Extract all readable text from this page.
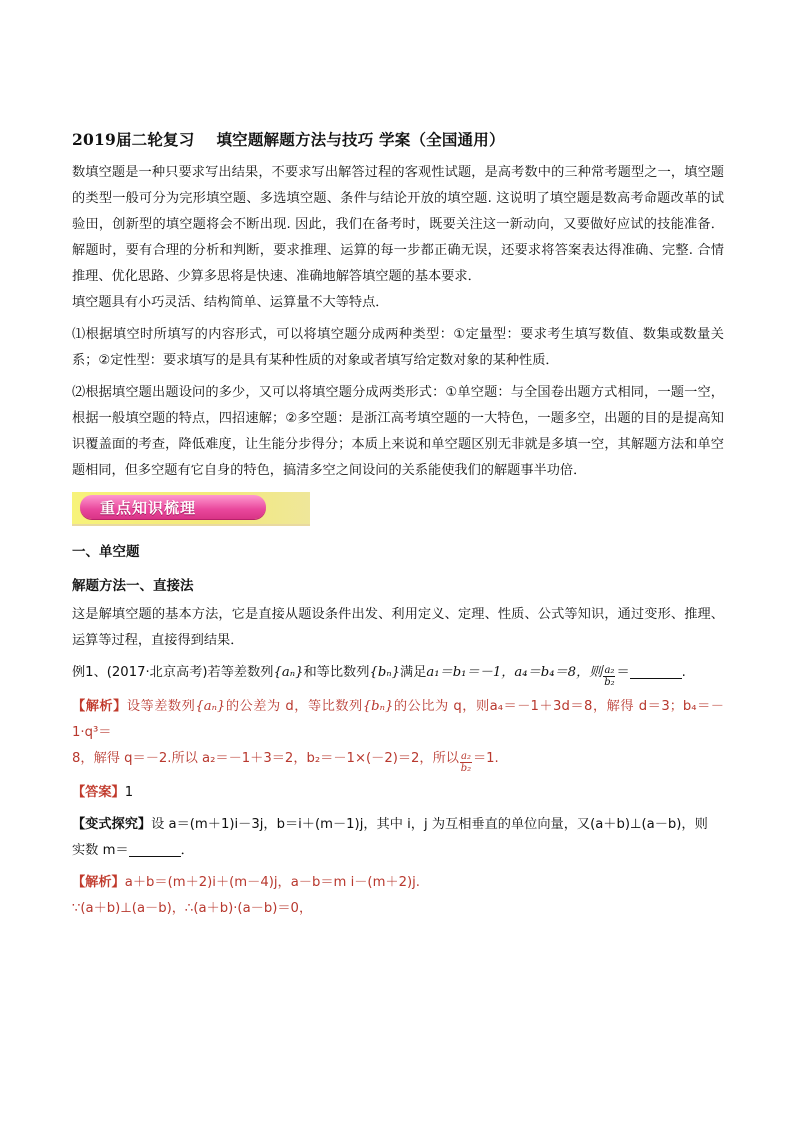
2019届二轮复习 填空题解题方法与技巧 学案（全国通用）

数填空题是一种只要求写出结果，不要求写出解答过程的客观性试题，是高考数中的三种常考题型之一，填空题的类型一般可分为完形填空题、多选填空题、条件与结论开放的填空题. 这说明了填空题是数高考命题改革的试验田，创新型的填空题将会不断出现. 因此，我们在备考时，既要关注这一新动向，又要做好应试的技能准备．解题时，要有合理的分析和判断，要求推理、运算的每一步都正确无误，还要求将答案表达得准确、完整. 合情推理、优化思路、少算多思将是快速、准确地解答填空题的基本要求．

填空题具有小巧灵活、结构简单、运算量不大等特点．

⑴根据填空时所填写的内容形式，可以将填空题分成两种类型：①定量型：要求考生填写数值、数集或数量关系；②定性型：要求填写的是具有某种性质的对象或者填写给定数对象的某种性质．

⑵根据填空题出题设问的多少，又可以将填空题分成两类形式：①单空题：与全国卷出题方式相同，一题一空，根据一般填空题的特点，四招速解；②多空题：是浙江高考填空题的一大特色，一题多空，出题的目的是提高知识覆盖面的考查，降低难度，让生能分步得分；本质上来说和单空题区别无非就是多填一空，其解题方法和单空题相同，但多空题有它自身的特色，搞清多空之间设问的关系能使我们的解题事半功倍．

重点知识梳理
一、单空题
解题方法一、直接法

这是解填空题的基本方法，它是直接从题设条件出发、利用定义、定理、性质、公式等知识，通过变形、推理、运算等过程，直接得到结果．

例1、(2017·北京高考)若等差数列{aₙ}和等比数列{bₙ}满足a₁＝b₁＝－1，a₄＝b₄＝8，则 $\frac{\text{a₂}}{\text{b₂}}$ ＝	.

【解析】设等差数列{aₙ}的公差为 d，等比数列{bₙ}的公比为 q，则a₄＝－1＋3d＝8，解得 d＝3；b₄＝－1·q³＝
8，解得 q＝－2.所以 a₂＝－1＋3＝2，b₂＝－1×(－2)＝2，所以 $\frac{\text{a₂}}{\text{b₂}} =1$.

【答案】1

【变式探究】设 a＝(m＋1)i－3j，b＝i＋(m－1)j，其中 i，j 为互相垂直的单位向量，又(a＋b)⊥(a－b)，则
实数 m＝	．

【解析】a＋b＝(m＋2)i＋(m－4)j，a－b＝m i－(m＋2)j.
∵(a＋b)⊥(a－b)，∴(a＋b)·(a－b)＝0，
